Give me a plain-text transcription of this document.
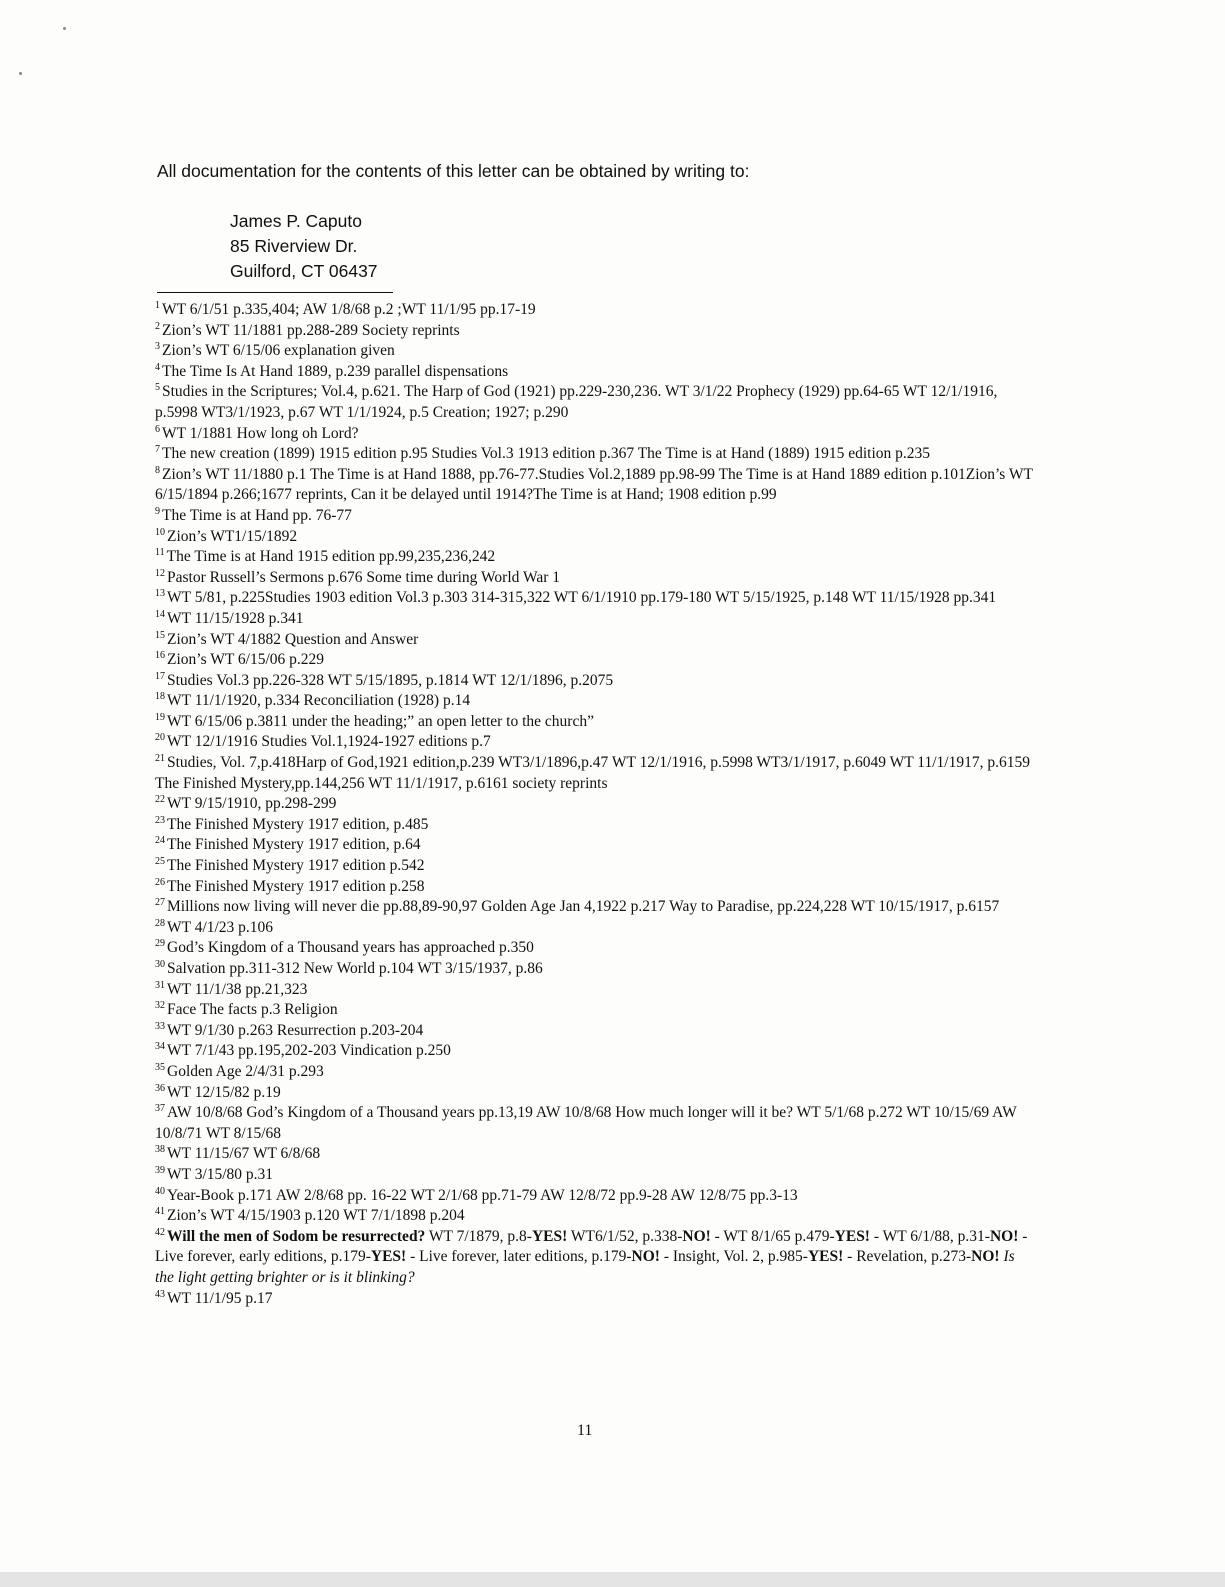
All documentation for the contents of this letter can be obtained by writing to:
James P. Caputo
85 Riverview Dr.
Guilford, CT 06437
$^1$ WT 6/1/51 p.335,404; AW 1/8/68 p.2 ;WT 11/1/95 pp.17-19
$^2$ Zion’s WT 11/1881 pp.288-289 Society reprints
$^3$ Zion’s WT 6/15/06 explanation given
$^4$ The Time Is At Hand 1889, p.239 parallel dispensations
$^5$ Studies in the Scriptures; Vol.4, p.621. The Harp of God (1921) pp.229-230,236. WT 3/1/22 Prophecy (1929) pp.64-65 WT 12/1/1916, p.5998 WT3/1/1923, p.67 WT 1/1/1924, p.5 Creation; 1927; p.290
$^6$ WT 1/1881 How long oh Lord?
$^7$ The new creation (1899) 1915 edition p.95 Studies Vol.3 1913 edition p.367 The Time is at Hand (1889) 1915 edition p.235
$^8$ Zion’s WT 11/1880 p.1 The Time is at Hand 1888, pp.76-77.Studies Vol.2,1889 pp.98-99 The Time is at Hand 1889 edition p.101Zion’s WT 6/15/1894 p.266;1677 reprints, Can it be delayed until 1914?The Time is at Hand; 1908 edition p.99
$^9$ The Time is at Hand pp. 76-77
$^{10}$ Zion’s WT1/15/1892
$^{11}$ The Time is at Hand 1915 edition pp.99,235,236,242
$^{12}$ Pastor Russell’s Sermons p.676 Some time during World War 1
$^{13}$ WT 5/81, p.225Studies 1903 edition Vol.3 p.303 314-315,322 WT 6/1/1910 pp.179-180 WT 5/15/1925, p.148 WT 11/15/1928 pp.341
$^{14}$ WT 11/15/1928 p.341
$^{15}$ Zion’s WT 4/1882 Question and Answer
$^{16}$ Zion’s WT 6/15/06 p.229
$^{17}$ Studies Vol.3 pp.226-328 WT 5/15/1895, p.1814 WT 12/1/1896, p.2075
$^{18}$ WT 11/1/1920, p.334 Reconciliation (1928) p.14
$^{19}$ WT 6/15/06 p.3811 under the heading;” an open letter to the church”
$^{20}$ WT 12/1/1916 Studies Vol.1,1924-1927 editions p.7
$^{21}$ Studies, Vol. 7,p.418Harp of God,1921 edition,p.239 WT3/1/1896,p.47 WT 12/1/1916, p.5998 WT3/1/1917, p.6049 WT 11/1/1917, p.6159 The Finished Mystery,pp.144,256 WT 11/1/1917, p.6161 society reprints
$^{22}$ WT 9/15/1910, pp.298-299
$^{23}$ The Finished Mystery 1917 edition, p.485
$^{24}$ The Finished Mystery 1917 edition, p.64
$^{25}$ The Finished Mystery 1917 edition p.542
$^{26}$ The Finished Mystery 1917 edition p.258
$^{27}$ Millions now living will never die pp.88,89-90,97 Golden Age Jan 4,1922 p.217 Way to Paradise, pp.224,228 WT 10/15/1917, p.6157
$^{28}$ WT 4/1/23 p.106
$^{29}$ God’s Kingdom of a Thousand years has approached p.350
$^{30}$ Salvation pp.311-312 New World p.104 WT 3/15/1937, p.86
$^{31}$ WT 11/1/38 pp.21,323
$^{32}$ Face The facts p.3 Religion
$^{33}$ WT 9/1/30 p.263 Resurrection p.203-204
$^{34}$ WT 7/1/43 pp.195,202-203 Vindication p.250
$^{35}$ Golden Age 2/4/31 p.293
$^{36}$ WT 12/15/82 p.19
$^{37}$ AW 10/8/68 God’s Kingdom of a Thousand years pp.13,19 AW 10/8/68 How much longer will it be? WT 5/1/68 p.272 WT 10/15/69 AW 10/8/71 WT 8/15/68
$^{38}$ WT 11/15/67 WT 6/8/68
$^{39}$ WT 3/15/80 p.31
$^{40}$ Year-Book p.171 AW 2/8/68 pp. 16-22 WT 2/1/68 pp.71-79 AW 12/8/72 pp.9-28 AW 12/8/75 pp.3-13
$^{41}$ Zion’s WT 4/15/1903 p.120 WT 7/1/1898 p.204
$^{42}$ Will the men of Sodom be resurrected? WT 7/1879, p.8-YES! WT6/1/52, p.338-NO! - WT 8/1/65 p.479-YES! - WT 6/1/88, p.31-NO! - Live forever, early editions, p.179-YES! - Live forever, later editions, p.179-NO! - Insight, Vol. 2, p.985-YES! - Revelation, p.273-NO! Is the light getting brighter or is it blinking?
$^{43}$ WT 11/1/95 p.17
11
